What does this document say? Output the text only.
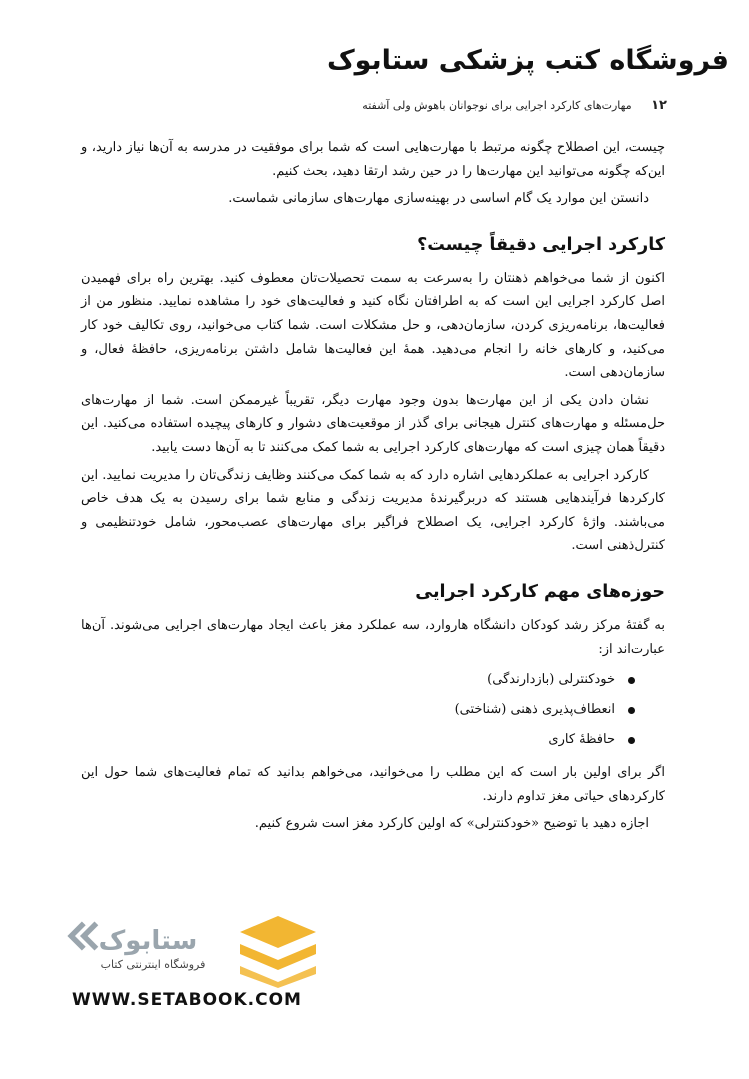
فروشگاه کتب پزشکی ستابوک
۱۲ مهارت‌های کارکرد اجرایی برای نوجوانان باهوش ولی آشفته

چیست، این اصطلاح چگونه مرتبط با مهارت‌هایی است که شما برای موفقیت در مدرسه به آن‌ها نیاز دارید، و این‌که چگونه می‌توانید این مهارت‌ها را در حین رشد ارتقا دهید، بحث کنیم.

دانستن این موارد یک گام اساسی در بهینه‌سازی مهارت‌های سازمانی شماست.

کارکرد اجرایی دقیقاً چیست؟

اکنون از شما می‌خواهم ذهنتان را به‌سرعت به سمت تحصیلات‌تان معطوف کنید. بهترین راه برای فهمیدن اصل کارکرد اجرایی این است که به اطرافتان نگاه کنید و فعالیت‌های خود را مشاهده نمایید. منظور من از فعالیت‌ها، برنامه‌ریزی کردن، سازمان‌دهی، و حل مشکلات است. شما کتاب می‌خوانید، روی تکالیف خود کار می‌کنید، و کارهای خانه را انجام می‌دهید. همهٔ این فعالیت‌ها شامل داشتن برنامه‌ریزی، حافظهٔ فعال، و سازمان‌دهی است.

نشان دادن یکی از این مهارت‌ها بدون وجود مهارت دیگر، تقریباً غیرممکن است. شما از مهارت‌های حل‌مسئله و مهارت‌های کنترل هیجانی برای گذر از موقعیت‌های دشوار و کارهای پیچیده استفاده می‌کنید. این دقیقاً همان چیزی است که مهارت‌های کارکرد اجرایی به شما کمک می‌کنند تا به آن‌ها دست یابید.

کارکرد اجرایی به عملکردهایی اشاره دارد که به شما کمک می‌کنند وظایف زندگی‌تان را مدیریت نمایید. این کارکردها فرآیندهایی هستند که دربرگیرندهٔ مدیریت زندگی و منابع شما برای رسیدن به یک هدف خاص می‌باشند. واژهٔ کارکرد اجرایی، یک اصطلاح فراگیر برای مهارت‌های عصب‌محور، شامل خودتنظیمی و کنترل‌ذهنی است.

حوزه‌های مهم کارکرد اجرایی

به گفتهٔ مرکز رشد کودکان دانشگاه هاروارد، سه عملکرد مغز باعث ایجاد مهارت‌های اجرایی می‌شوند. آن‌ها عبارت‌اند از:

خودکنترلی (بازدارندگی)
انعطاف‌پذیری ذهنی (شناختی)
حافظهٔ کاری

اگر برای اولین بار است که این مطلب را می‌خوانید، می‌خواهم بدانید که تمام فعالیت‌های شما حول این کارکردهای حیاتی مغز تداوم دارند.

اجازه دهید با توضیح «خودکنترلی» که اولین کارکرد مغز است شروع کنیم.

ستابوک
فروشگاه اینترنتی کتاب
WWW.SETABOOK.COM
